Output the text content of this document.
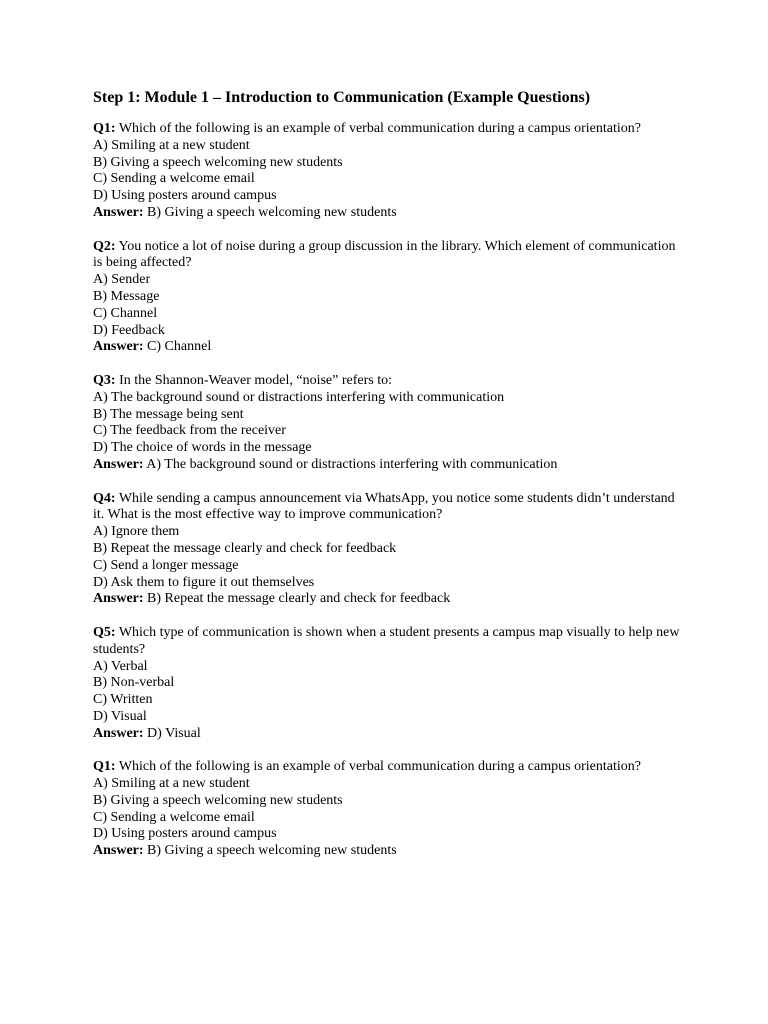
Step 1: Module 1 – Introduction to Communication (Example Questions)
Q1: Which of the following is an example of verbal communication during a campus orientation?
A) Smiling at a new student
B) Giving a speech welcoming new students
C) Sending a welcome email
D) Using posters around campus
Answer: B) Giving a speech welcoming new students
Q2: You notice a lot of noise during a group discussion in the library. Which element of communication is being affected?
A) Sender
B) Message
C) Channel
D) Feedback
Answer: C) Channel
Q3: In the Shannon-Weaver model, “noise” refers to:
A) The background sound or distractions interfering with communication
B) The message being sent
C) The feedback from the receiver
D) The choice of words in the message
Answer: A) The background sound or distractions interfering with communication
Q4: While sending a campus announcement via WhatsApp, you notice some students didn’t understand it. What is the most effective way to improve communication?
A) Ignore them
B) Repeat the message clearly and check for feedback
C) Send a longer message
D) Ask them to figure it out themselves
Answer: B) Repeat the message clearly and check for feedback
Q5: Which type of communication is shown when a student presents a campus map visually to help new students?
A) Verbal
B) Non-verbal
C) Written
D) Visual
Answer: D) Visual
Q1: Which of the following is an example of verbal communication during a campus orientation?
A) Smiling at a new student
B) Giving a speech welcoming new students
C) Sending a welcome email
D) Using posters around campus
Answer: B) Giving a speech welcoming new students
